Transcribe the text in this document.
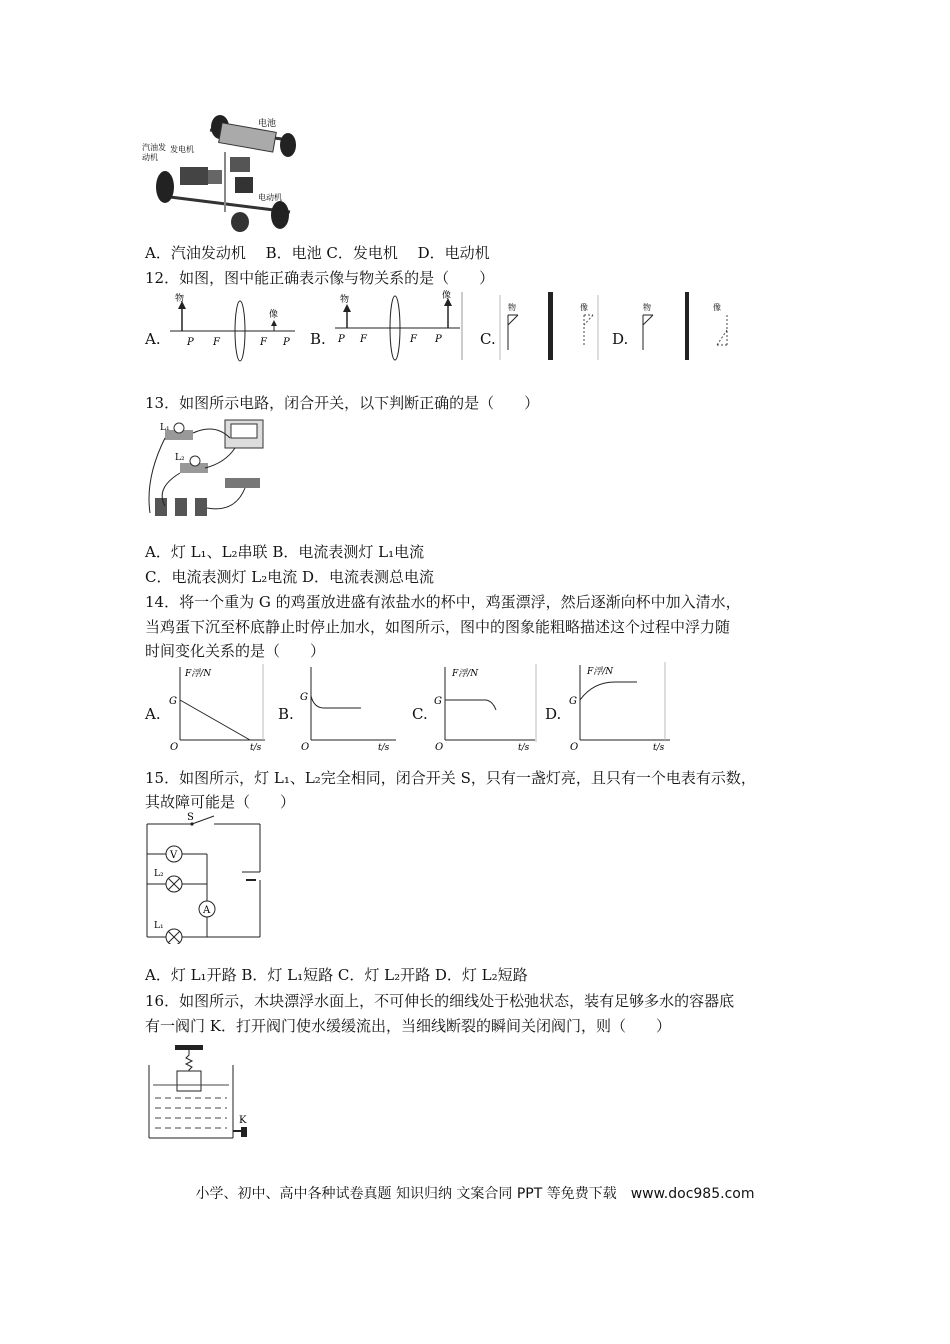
电池
汽油发
动机
发电机
电动机
A．汽油发动机　 B．电池 C．发电机　 D．电动机
12．如图，图中能正确表示像与物关系的是（　　）
A.
物
像
P F	F P B.
物	像
P F	F P	C.
物	像
D.
物	像
13．如图所示电路，闭合开关，以下判断正确的是（　　）
L₁
L₂
A．灯 L₁、L₂串联 B．电流表测灯 L₁电流
C．电流表测灯 L₂电流 D．电流表测总电流
14．将一个重为 G 的鸡蛋放进盛有浓盐水的杯中，鸡蛋漂浮，然后逐渐向杯中加入清水，
当鸡蛋下沉至杯底静止时停止加水，如图所示，图中的图象能粗略描述这个过程中浮力随
时间变化关系的是（　　）
A.
F浮/N
G
O	t/s
B.
G
O	t/s
C.
F浮/N
G
O	t/s
D.
F浮/N
G
O	t/s
15．如图所示，灯 L₁、L₂完全相同，闭合开关 S，只有一盏灯亮，且只有一个电表有示数，
其故障可能是（　　）
S
V
L₂
A
L₁
A．灯 L₁开路 B．灯 L₁短路 C．灯 L₂开路 D．灯 L₂短路
16．如图所示，木块漂浮水面上，不可伸长的细线处于松弛状态，装有足够多水的容器底
有一阀门 K．打开阀门使水缓缓流出，当细线断裂的瞬间关闭阀门，则（　　）
K
小学、初中、高中各种试卷真题 知识归纳 文案合同 PPT 等免费下载　www.doc985.com
